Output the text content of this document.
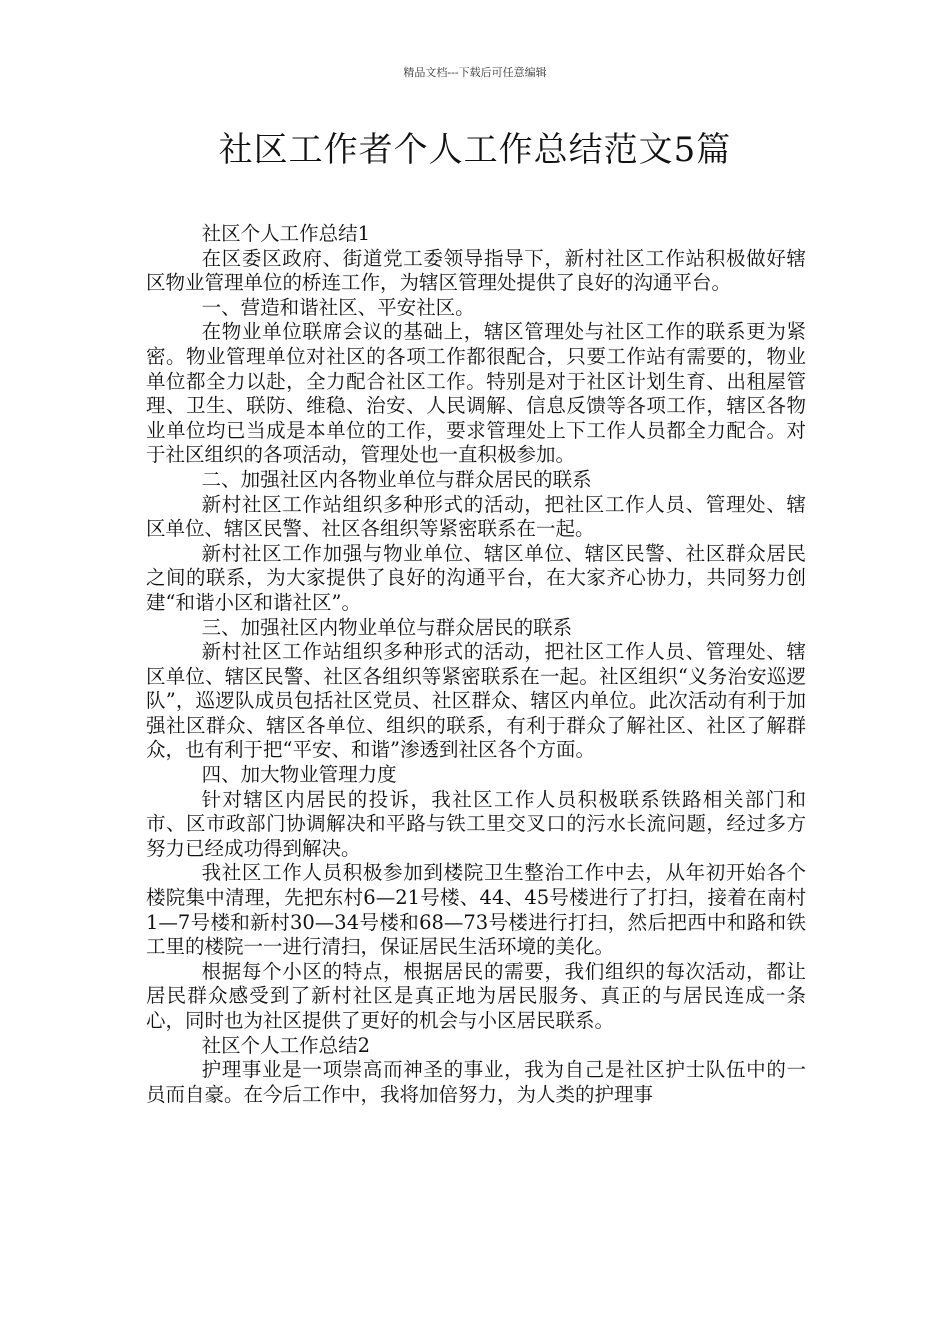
精品文档---下载后可任意编辑
社区工作者个人工作总结范文5篇

社区个人工作总结1

在区委区政府、街道党工委领导指导下，新村社区工作站积极做好辖区物业管理单位的桥连工作，为辖区管理处提供了良好的沟通平台。

一、营造和谐社区、平安社区。

在物业单位联席会议的基础上，辖区管理处与社区工作的联系更为紧密。物业管理单位对社区的各项工作都很配合，只要工作站有需要的，物业单位都全力以赴，全力配合社区工作。特别是对于社区计划生育、出租屋管理、卫生、联防、维稳、治安、人民调解、信息反馈等各项工作，辖区各物业单位均已当成是本单位的工作，要求管理处上下工作人员都全力配合。对于社区组织的各项活动，管理处也一直积极参加。

二、加强社区内各物业单位与群众居民的联系

新村社区工作站组织多种形式的活动，把社区工作人员、管理处、辖区单位、辖区民警、社区各组织等紧密联系在一起。

新村社区工作加强与物业单位、辖区单位、辖区民警、社区群众居民之间的联系，为大家提供了良好的沟通平台，在大家齐心协力，共同努力创建“和谐小区和谐社区”。

三、加强社区内物业单位与群众居民的联系

新村社区工作站组织多种形式的活动，把社区工作人员、管理处、辖区单位、辖区民警、社区各组织等紧密联系在一起。社区组织“义务治安巡逻队”，巡逻队成员包括社区党员、社区群众、辖区内单位。此次活动有利于加强社区群众、辖区各单位、组织的联系，有利于群众了解社区、社区了解群众，也有利于把“平安、和谐”渗透到社区各个方面。

四、加大物业管理力度

针对辖区内居民的投诉，我社区工作人员积极联系铁路相关部门和市、区市政部门协调解决和平路与铁工里交叉口的污水长流问题，经过多方努力已经成功得到解决。

我社区工作人员积极参加到楼院卫生整治工作中去，从年初开始各个楼院集中清理，先把东村6—21号楼、44、45号楼进行了打扫，接着在南村1—7号楼和新村30—34号楼和68—73号楼进行打扫，然后把西中和路和铁工里的楼院一一进行清扫，保证居民生活环境的美化。

根据每个小区的特点，根据居民的需要，我们组织的每次活动，都让居民群众感受到了新村社区是真正地为居民服务、真正的与居民连成一条心，同时也为社区提供了更好的机会与小区居民联系。

社区个人工作总结2

护理事业是一项崇高而神圣的事业，我为自己是社区护士队伍中的一员而自豪。在今后工作中，我将加倍努力，为人类的护理事
